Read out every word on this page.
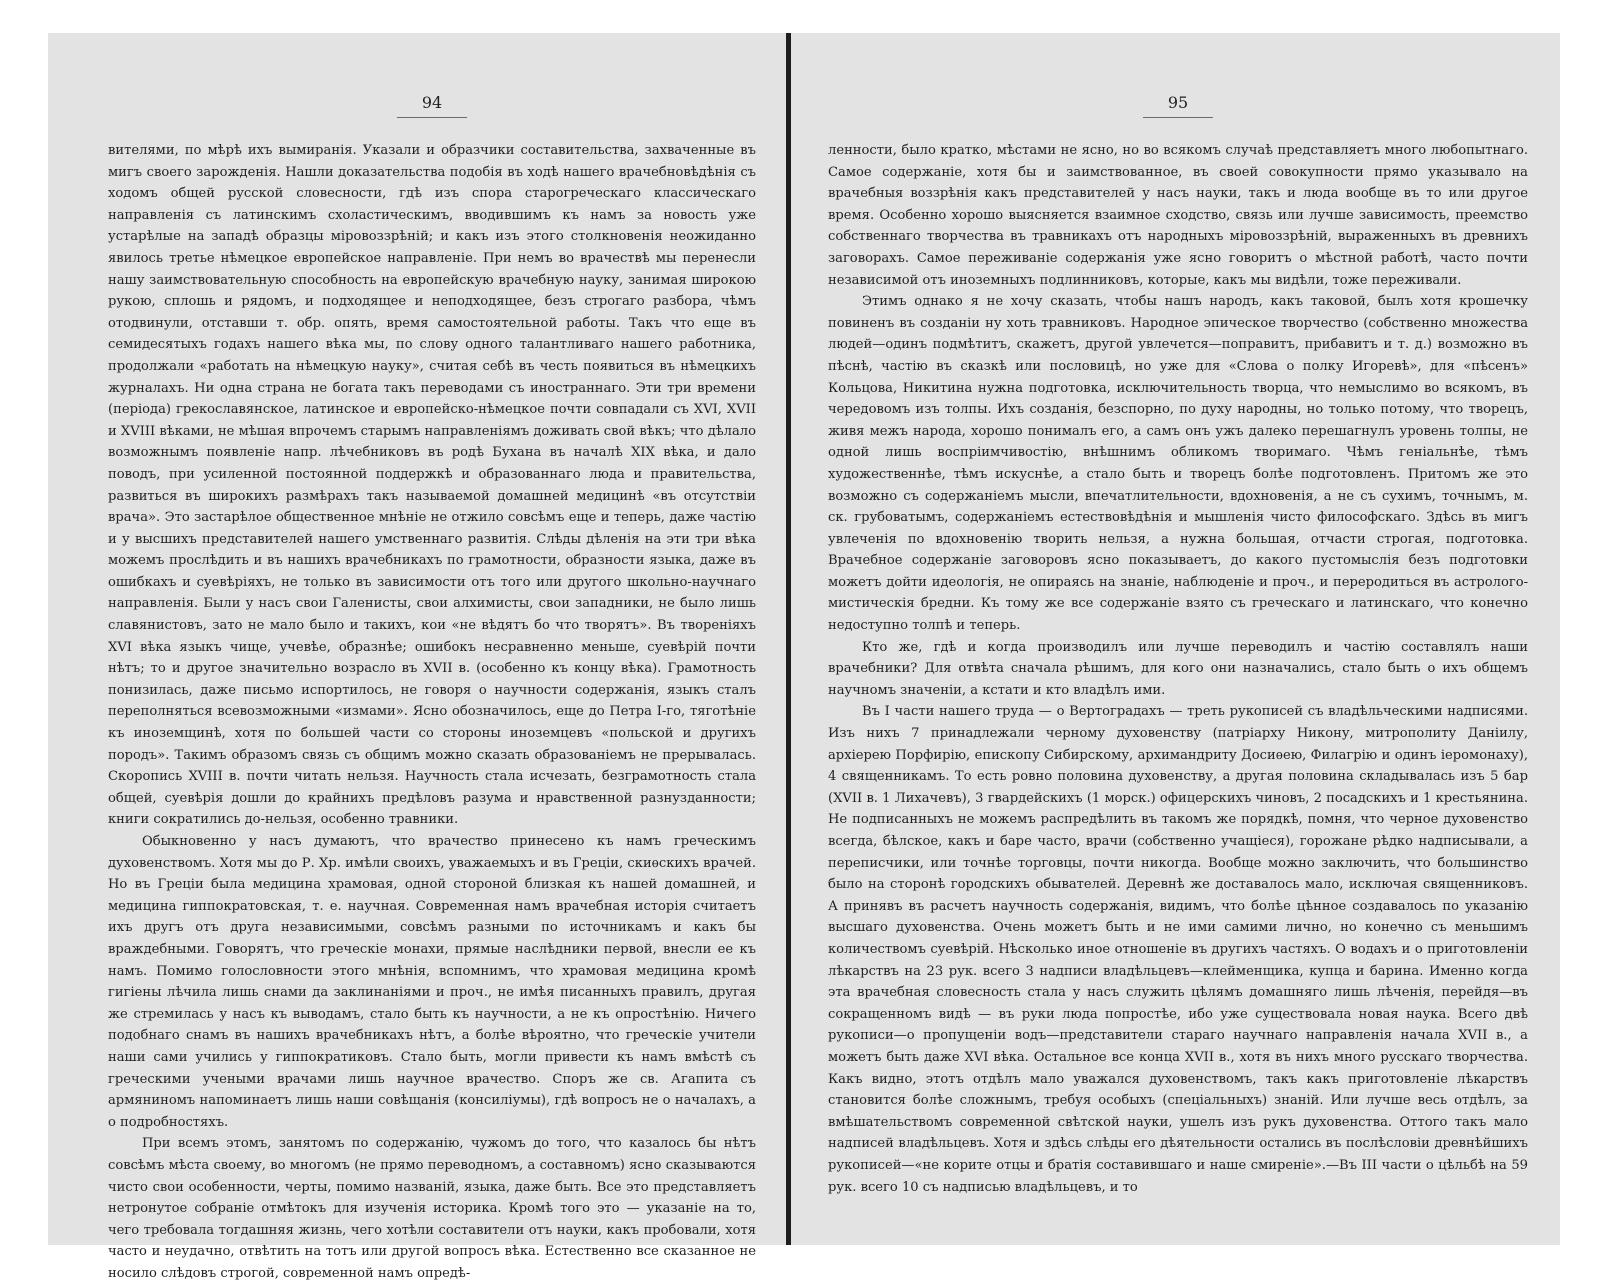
94

вителями, по мѣрѣ ихъ вымиранія. Указали и образчики составительства, захваченные въ мигъ своего зарожденія. Нашли доказательства подобія въ ходѣ нашего врачебновѣдѣнія съ ходомъ общей русской словесности, гдѣ изъ спора старогреческаго классическаго направленія съ латинскимъ схоластическимъ, вводившимъ къ намъ за новость уже устарѣлые на западѣ образцы міровоззрѣній; и какъ изъ этого столкновенія неожиданно явилось третье нѣмецкое европейское направленіе. При немъ во врачествѣ мы перенесли нашу заимствовательную способность на европейскую врачебную науку, занимая широкою рукою, сплошь и рядомъ, и подходящее и неподходящее, безъ строгаго разбора, чѣмъ отодвинули, отставши т. обр. опять, время самостоятельной работы. Такъ что еще въ семидесятыхъ годахъ нашего вѣка мы, по слову одного талантливаго нашего работника, продолжали «работать на нѣмецкую науку», считая себѣ въ честь появиться въ нѣмецкихъ журналахъ. Ни одна страна не богата такъ переводами съ иностраннаго. Эти три времени (періода) грекославянское, латинское и европейско-нѣмецкое почти совпадали съ XVI, XVII и XVIII вѣками, не мѣшая впрочемъ старымъ направленіямъ доживать свой вѣкъ; что дѣлало возможнымъ появленіе напр. лѣчебниковъ въ родѣ Бухана въ началѣ XIX вѣка, и дало поводъ, при усиленной постоянной поддержкѣ и образованнаго люда и правительства, развиться въ широкихъ размѣрахъ такъ называемой домашней медицинѣ «въ отсутствіи врача». Это застарѣлое общественное мнѣніе не отжило совсѣмъ еще и теперь, даже частію и у высшихъ представителей нашего умственнаго развитія. Слѣды дѣленія на эти три вѣка можемъ прослѣдить и въ нашихъ врачебникахъ по грамотности, образности языка, даже въ ошибкахъ и суевѣріяхъ, не только въ зависимости отъ того или другого школьно-научнаго направленія. Были у насъ свои Галенисты, свои алхимисты, свои западники, не было лишь славянистовъ, зато не мало было и такихъ, кои «не вѣдятъ бо что творятъ». Въ твореніяхъ XVI вѣка языкъ чище, учевѣе, образнѣе; ошибокъ несравненно меньше, суевѣрій почти нѣтъ; то и другое значительно возрасло въ XVII в. (особенно къ концу вѣка). Грамотность понизилась, даже письмо испортилось, не говоря о научности содержанія, языкъ сталъ переполняться всевозможными «измами». Ясно обозначилось, еще до Петра І-го, тяготѣніе къ иноземщинѣ, хотя по большей части со стороны иноземцевъ «польской и другихъ породъ». Такимъ образомъ связь съ общимъ можно сказать образованіемъ не прерывалась. Скоропись XVIII в. почти читать нельзя. Научность стала исчезать, безграмотность стала общей, суевѣрія дошли до крайнихъ предѣловъ разума и нравственной разнузданности; книги сократились до-нельзя, особенно травники.

Обыкновенно у насъ думаютъ, что врачество принесено къ намъ греческимъ духовенствомъ. Хотя мы до Р. Хр. имѣли своихъ, уважаемыхъ и въ Греціи, скиѳскихъ врачей. Но въ Греціи была медицина храмовая, одной стороной близкая къ нашей домашней, и медицина гиппократовская, т. е. научная. Современная намъ врачебная исторія считаетъ ихъ другъ отъ друга независимыми, совсѣмъ разными по источникамъ и какъ бы враждебными. Говорятъ, что греческіе монахи, прямые наслѣдники первой, внесли ее къ намъ. Помимо голословности этого мнѣнія, вспомнимъ, что храмовая медицина кромѣ гигіены лѣчила лишь снами да заклинаніями и проч., не имѣя писанныхъ правилъ, другая же стремилась у насъ къ выводамъ, стало быть къ научности, а не къ опростѣнію. Ничего подобнаго снамъ въ нашихъ врачебникахъ нѣтъ, а болѣе вѣроятно, что греческіе учители наши сами учились у гиппократиковъ. Стало быть, могли привести къ намъ вмѣстѣ съ греческими учеными врачами лишь научное врачество. Споръ же св. Агапита съ армяниномъ напоминаетъ лишь наши совѣщанія (консиліумы), гдѣ вопросъ не о началахъ, а о подробностяхъ.

При всемъ этомъ, занятомъ по содержанію, чужомъ до того, что казалось бы нѣтъ совсѣмъ мѣста своему, во многомъ (не прямо переводномъ, а составномъ) ясно сказываются чисто свои особенности, черты, помимо названій, языка, даже быть. Все это представляетъ нетронутое собраніе отмѣтокъ для изученія историка. Кромѣ того это — указаніе на то, чего требовала тогдашняя жизнь, чего хотѣли составители отъ науки, какъ пробовали, хотя часто и неудачно, отвѣтить на тотъ или другой вопросъ вѣка. Естественно все сказанное не носило слѣдовъ строгой, современной намъ опредѣ-

95

ленности, было кратко, мѣстами не ясно, но во всякомъ случаѣ представляетъ много любопытнаго. Самое содержаніе, хотя бы и заимствованное, въ своей совокупности прямо указывало на врачебныя воззрѣнія какъ представителей у насъ науки, такъ и люда вообще въ то или другое время. Особенно хорошо выясняется взаимное сходство, связь или лучше зависимость, преемство собственнаго творчества въ травникахъ отъ народныхъ міровоззрѣній, выраженныхъ въ древнихъ заговорахъ. Самое переживаніе содержанія уже ясно говоритъ о мѣстной работѣ, часто почти независимой отъ иноземныхъ подлинниковъ, которые, какъ мы видѣли, тоже переживали.

Этимъ однако я не хочу сказать, чтобы нашъ народъ, какъ таковой, былъ хотя крошечку повиненъ въ созданіи ну хоть травниковъ. Народное эпическое творчество (собственно множества людей—одинъ подмѣтитъ, скажетъ, другой увлечется—поправитъ, прибавитъ и т. д.) возможно въ пѣснѣ, частію въ сказкѣ или пословицѣ, но уже для «Слова о полку Игоревѣ», для «пѣсенъ» Кольцова, Никитина нужна подготовка, исключительность творца, что немыслимо во всякомъ, въ чередовомъ изъ толпы. Ихъ созданія, безспорно, по духу народны, но только потому, что творецъ, живя межъ народа, хорошо понималъ его, а самъ онъ ужъ далеко перешагнулъ уровень толпы, не одной лишь воспріимчивостію, внѣшнимъ обликомъ творимаго. Чѣмъ геніальнѣе, тѣмъ художественнѣе, тѣмъ искуснѣе, а стало быть и творецъ болѣе подготовленъ. Притомъ же это возможно съ содержаніемъ мысли, впечатлительности, вдохновенія, а не съ сухимъ, точнымъ, м. ск. грубоватымъ, содержаніемъ естествовѣдѣнія и мышленія чисто философскаго. Здѣсь въ мигъ увлеченія по вдохновенію творить нельзя, а нужна большая, отчасти строгая, подготовка. Врачебное содержаніе заговоровъ ясно показываетъ, до какого пустомыслія безъ подготовки можетъ дойти идеологія, не опираясь на знаніе, наблюденіе и проч., и переродиться въ астролого-мистическія бредни. Къ тому же все содержаніе взято съ греческаго и латинскаго, что конечно недоступно толпѣ и теперь.

Кто же, гдѣ и когда производилъ или лучше переводилъ и частію составлялъ наши врачебники? Для отвѣта сначала рѣшимъ, для кого они назначались, стало быть о ихъ общемъ научномъ значеніи, а кстати и кто владѣлъ ими.

Въ І части нашего труда — о Вертоградахъ — треть рукописей съ владѣльческими надписями. Изъ нихъ 7 принадлежали черному духовенству (патріарху Никону, митрополиту Даніилу, архіерею Порфирію, епископу Сибирскому, архимандриту Досиѳею, Филагрію и одинъ іеромонаху), 4 священникамъ. То есть ровно половина духовенству, а другая половина складывалась изъ 5 бар (XVII в. 1 Лихачевъ), 3 гвардейскихъ (1 морск.) офицерскихъ чиновъ, 2 посадскихъ и 1 крестьянина. Не подписанныхъ не можемъ распредѣлить въ такомъ же порядкѣ, помня, что черное духовенство всегда, бѣлское, какъ и баре часто, врачи (собственно учащіеся), горожане рѣдко надписывали, а переписчики, или точнѣе торговцы, почти никогда. Вообще можно заключить, что большинство было на сторонѣ городскихъ обывателей. Деревнѣ же доставалось мало, исключая священниковъ. А принявъ въ расчетъ научность содержанія, видимъ, что болѣе цѣнное создавалось по указанію высшаго духовенства. Очень можетъ быть и не ими самими лично, но конечно съ меньшимъ количествомъ суевѣрій. Нѣсколько иное отношеніе въ другихъ частяхъ. О водахъ и о приготовленіи лѣкарствъ на 23 рук. всего 3 надписи владѣльцевъ—клейменщика, купца и барина. Именно когда эта врачебная словесность стала у насъ служить цѣлямъ домашняго лишь лѣченія, перейдя—въ сокращенномъ видѣ — въ руки люда попростѣе, ибо уже существовала новая наука. Всего двѣ рукописи—о пропущеніи водъ—представители стараго научнаго направленія начала XVII в., а можетъ быть даже XVI вѣка. Остальное все конца XVII в., хотя въ нихъ много русскаго творчества. Какъ видно, этотъ отдѣлъ мало уважался духовенствомъ, такъ какъ приготовленіе лѣкарствъ становится болѣе сложнымъ, требуя особыхъ (спеціальныхъ) знаній. Или лучше весь отдѣлъ, за вмѣшательствомъ современной свѣтской науки, ушелъ изъ рукъ духовенства. Оттого такъ мало надписей владѣльцевъ. Хотя и здѣсь слѣды его дѣятельности остались въ послѣсловіи древнѣйшихъ рукописей—«не корите отцы и братія составившаго и наше смиреніе».—Въ III части о цѣльбѣ на 59 рук. всего 10 съ надписью владѣльцевъ, и то
